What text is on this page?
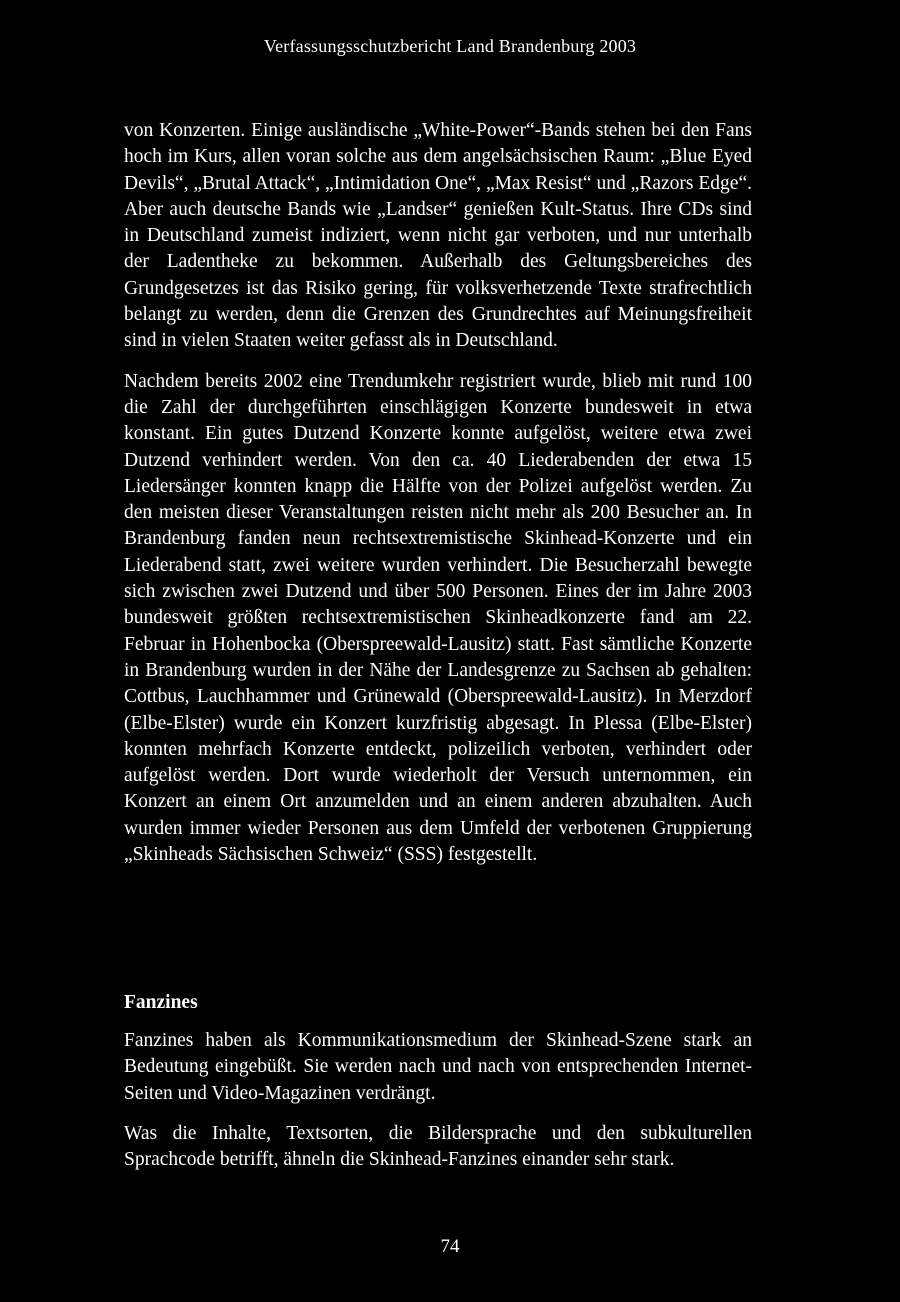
Verfassungsschutzbericht Land Brandenburg 2003

von Konzerten. Einige ausländische „White-Power“-Bands stehen bei den Fans hoch im Kurs, allen voran solche aus dem angelsächsischen Raum: „Blue Eyed Devils“, „Brutal Attack“, „Intimidation One“, „Max Resist“ und „Razors Edge“. Aber auch deutsche Bands wie „Landser“ genießen Kult-Status. Ihre CDs sind in Deutschland zumeist indiziert, wenn nicht gar verboten, und nur unterhalb der Ladentheke zu bekommen. Außerhalb des Geltungsbereiches des Grundgesetzes ist das Risiko gering, für volksverhetzende Texte strafrechtlich belangt zu werden, denn die Grenzen des Grundrechtes auf Meinungsfreiheit sind in vielen Staaten weiter gefasst als in Deutschland.

Nachdem bereits 2002 eine Trendumkehr registriert wurde, blieb mit rund 100 die Zahl der durchgeführten einschlägigen Konzerte bundesweit in etwa konstant. Ein gutes Dutzend Konzerte konnte aufgelöst, weitere etwa zwei Dutzend verhindert werden. Von den ca. 40 Liederabenden der etwa 15 Liedersänger konnten knapp die Hälfte von der Polizei aufgelöst werden. Zu den meisten dieser Veranstaltungen reisten nicht mehr als 200 Besucher an. In Brandenburg fanden neun rechtsextremistische Skinhead-Konzerte und ein Liederabend statt, zwei weitere wurden verhindert. Die Besucherzahl bewegte sich zwischen zwei Dutzend und über 500 Personen. Eines der im Jahre 2003 bundesweit größten rechtsextremistischen Skinheadkonzerte fand am 22. Februar in Hohenbocka (Oberspreewald-Lausitz) statt. Fast sämtliche Konzerte in Brandenburg wurden in der Nähe der Landesgrenze zu Sachsen ab gehalten: Cottbus, Lauchhammer und Grünewald (Oberspreewald-Lausitz). In Merzdorf (Elbe-Elster) wurde ein Konzert kurzfristig abgesagt. In Plessa (Elbe-Elster) konnten mehrfach Konzerte entdeckt, polizeilich verboten, verhindert oder aufgelöst werden. Dort wurde wiederholt der Versuch unternommen, ein Konzert an einem Ort anzumelden und an einem anderen abzuhalten. Auch wurden immer wieder Personen aus dem Umfeld der verbotenen Gruppierung „Skinheads Sächsischen Schweiz“ (SSS) festgestellt.

Fanzines

Fanzines haben als Kommunikationsmedium der Skinhead-Szene stark an Bedeutung eingebüßt. Sie werden nach und nach von entsprechenden Internet-Seiten und Video-Magazinen verdrängt.

Was die Inhalte, Textsorten, die Bildersprache und den subkulturellen Sprachcode betrifft, ähneln die Skinhead-Fanzines einander sehr stark.

74
